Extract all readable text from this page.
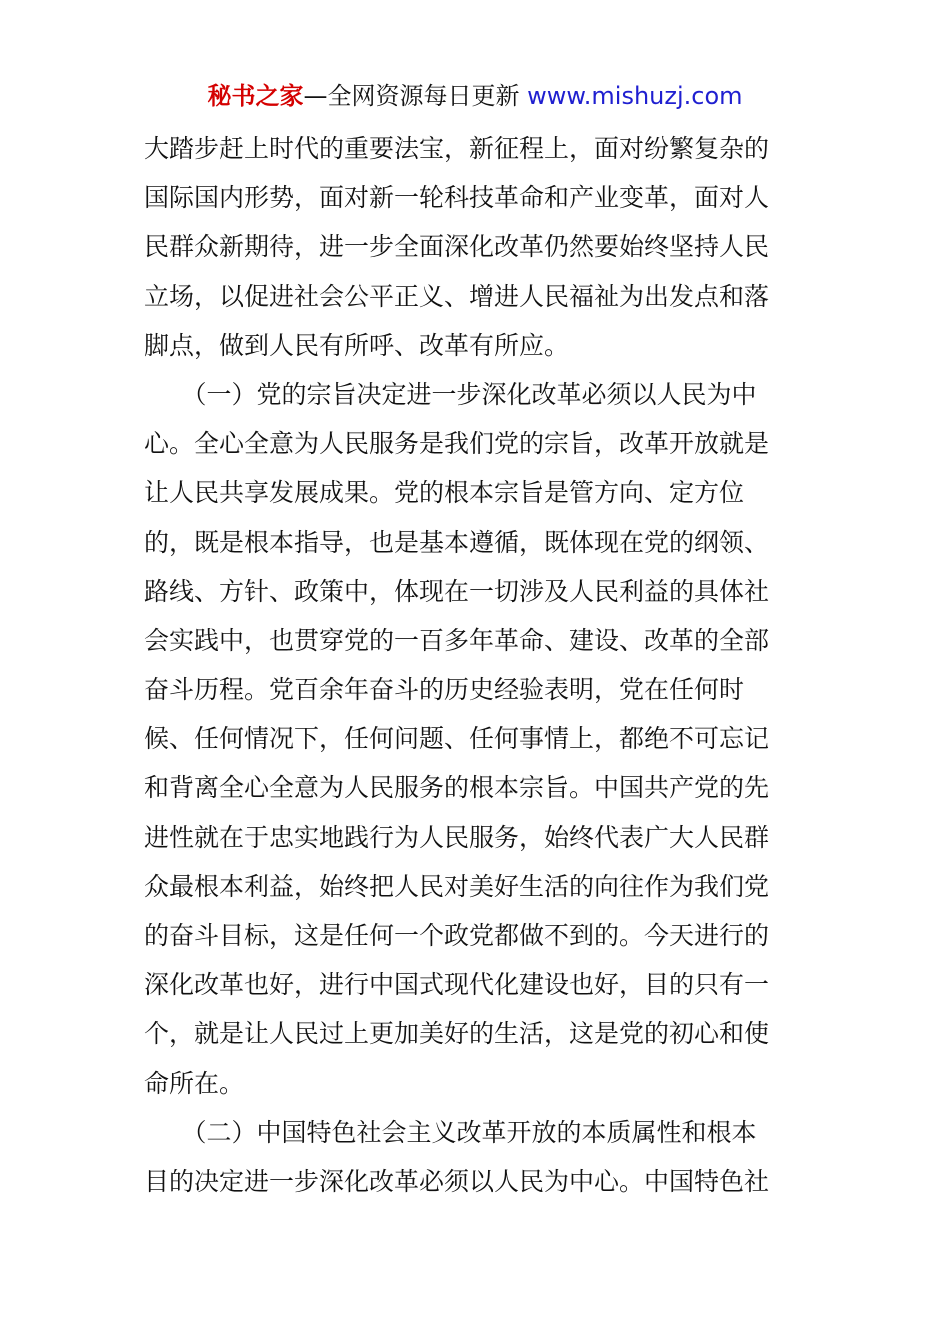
秘书之家—全网资源每日更新 www.mishuzj.com
大踏步赶上时代的重要法宝，新征程上，面对纷繁复杂的
国际国内形势，面对新一轮科技革命和产业变革，面对人
民群众新期待，进一步全面深化改革仍然要始终坚持人民
立场，以促进社会公平正义、增进人民福祉为出发点和落
脚点，做到人民有所呼、改革有所应。
　　（一）党的宗旨决定进一步深化改革必须以人民为中
心。全心全意为人民服务是我们党的宗旨，改革开放就是
让人民共享发展成果。党的根本宗旨是管方向、定方位
的，既是根本指导，也是基本遵循，既体现在党的纲领、
路线、方针、政策中，体现在一切涉及人民利益的具体社
会实践中，也贯穿党的一百多年革命、建设、改革的全部
奋斗历程。党百余年奋斗的历史经验表明，党在任何时
候、任何情况下，任何问题、任何事情上，都绝不可忘记
和背离全心全意为人民服务的根本宗旨。中国共产党的先
进性就在于忠实地践行为人民服务，始终代表广大人民群
众最根本利益，始终把人民对美好生活的向往作为我们党
的奋斗目标，这是任何一个政党都做不到的。今天进行的
深化改革也好，进行中国式现代化建设也好，目的只有一
个，就是让人民过上更加美好的生活，这是党的初心和使
命所在。
　　（二）中国特色社会主义改革开放的本质属性和根本
目的决定进一步深化改革必须以人民为中心。中国特色社
